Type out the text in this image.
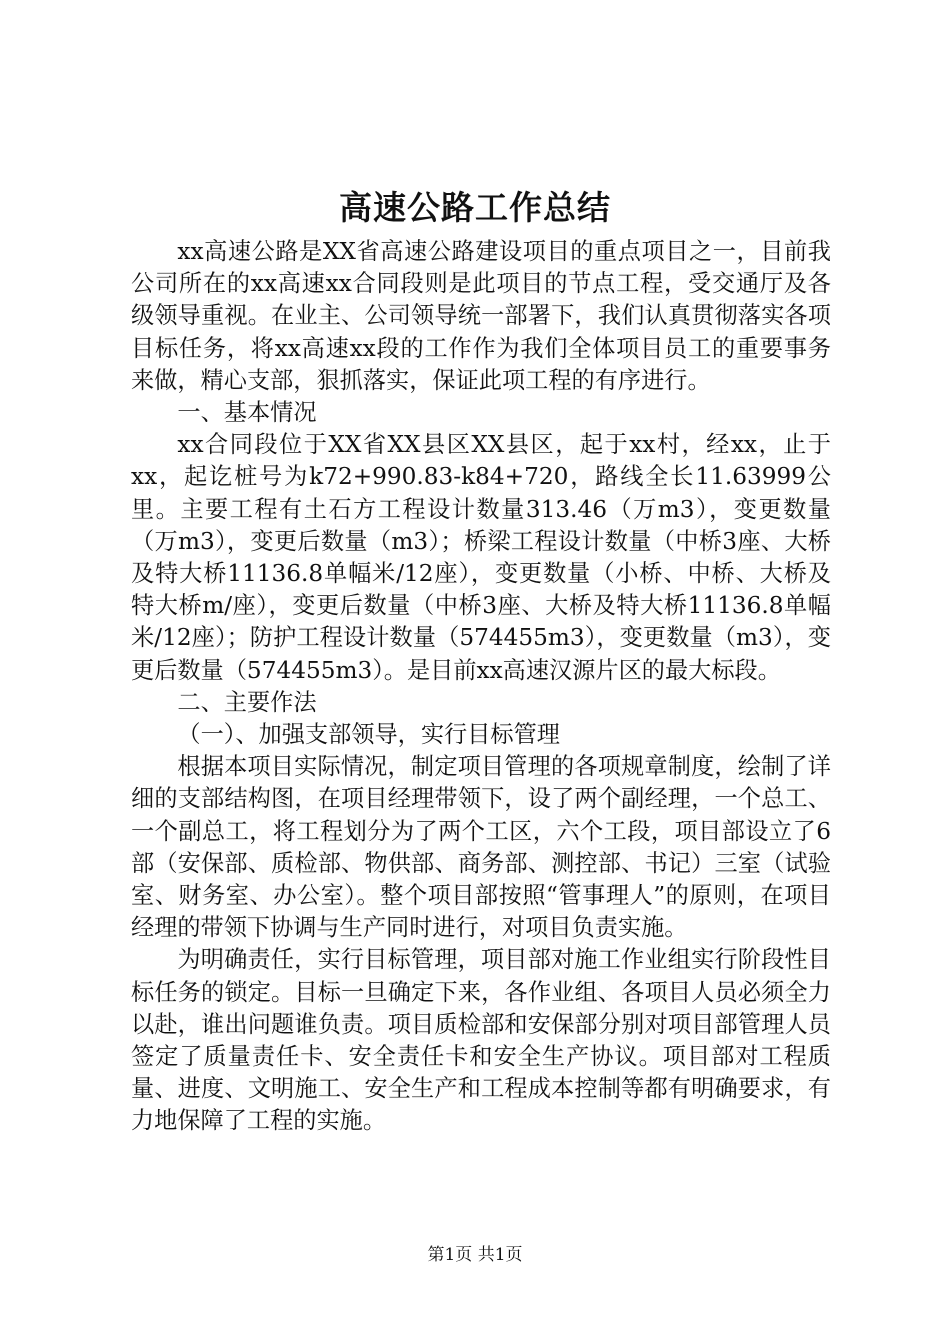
高速公路工作总结

xx高速公路是XX省高速公路建设项目的重点项目之一，目前我公司所在的xx高速xx合同段则是此项目的节点工程，受交通厅及各级领导重视。在业主、公司领导统一部署下，我们认真贯彻落实各项目标任务，将xx高速xx段的工作作为我们全体项目员工的重要事务来做，精心支部，狠抓落实，保证此项工程的有序进行。

一、基本情况

xx合同段位于XX省XX县区XX县区，起于xx村，经xx，止于xx，起讫桩号为k72+990.83-k84+720，路线全长11.63999公里。主要工程有土石方工程设计数量313.46（万m3），变更数量（万m3），变更后数量（m3）；桥梁工程设计数量（中桥3座、大桥及特大桥11136.8单幅米/12座），变更数量（小桥、中桥、大桥及特大桥m/座），变更后数量（中桥3座、大桥及特大桥11136.8单幅米/12座）；防护工程设计数量（574455m3），变更数量（m3），变更后数量（574455m3）。是目前xx高速汉源片区的最大标段。

二、主要作法

（一）、加强支部领导，实行目标管理

根据本项目实际情况，制定项目管理的各项规章制度，绘制了详细的支部结构图，在项目经理带领下，设了两个副经理，一个总工、一个副总工，将工程划分为了两个工区，六个工段，项目部设立了6部（安保部、质检部、物供部、商务部、测控部、书记）三室（试验室、财务室、办公室）。整个项目部按照“管事理人”的原则，在项目经理的带领下协调与生产同时进行，对项目负责实施。

为明确责任，实行目标管理，项目部对施工作业组实行阶段性目标任务的锁定。目标一旦确定下来，各作业组、各项目人员必须全力以赴，谁出问题谁负责。项目质检部和安保部分别对项目部管理人员签定了质量责任卡、安全责任卡和安全生产协议。项目部对工程质量、进度、文明施工、安全生产和工程成本控制等都有明确要求，有力地保障了工程的实施。

第1页 共1页
